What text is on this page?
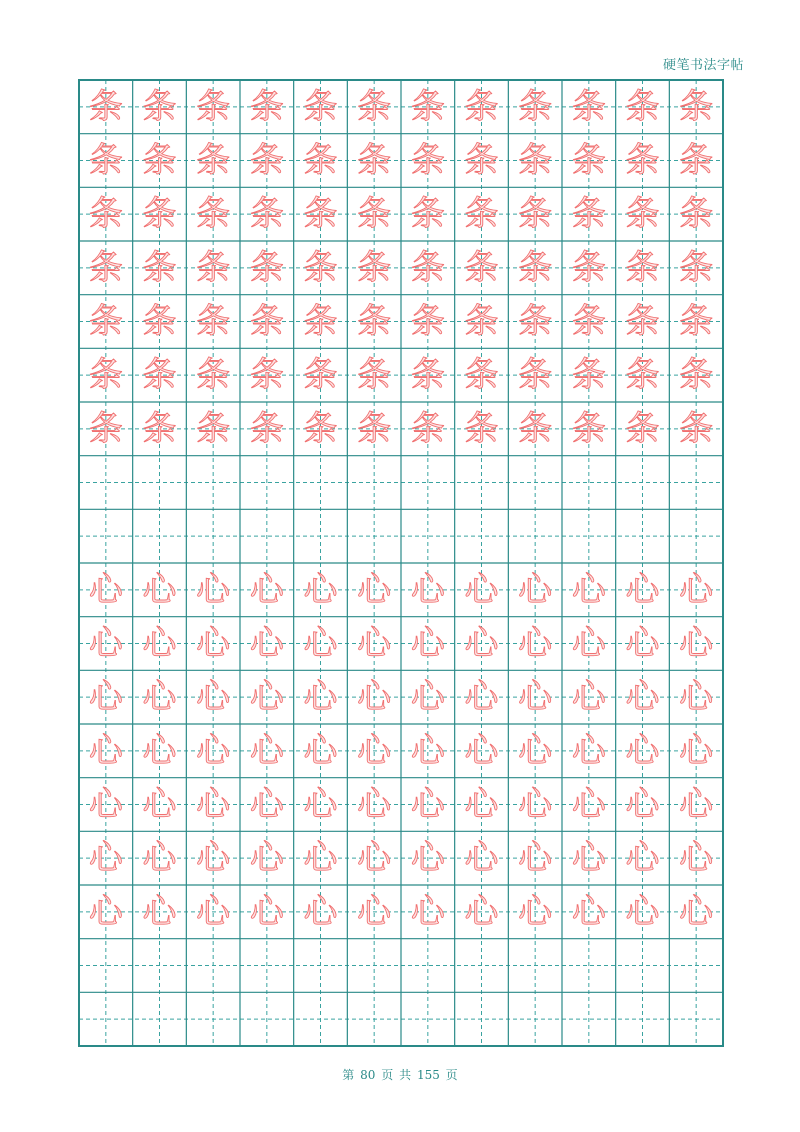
硬笔书法字帖
条 条 条 条 条 条 条 条 条 条 条 条
条 条 条 条 条 条 条 条 条 条 条 条
条 条 条 条 条 条 条 条 条 条 条 条
条 条 条 条 条 条 条 条 条 条 条 条
条 条 条 条 条 条 条 条 条 条 条 条
条 条 条 条 条 条 条 条 条 条 条 条
条 条 条 条 条 条 条 条 条 条 条 条
心 心 心 心 心 心 心 心 心 心 心 心
心 心 心 心 心 心 心 心 心 心 心 心
心 心 心 心 心 心 心 心 心 心 心 心
心 心 心 心 心 心 心 心 心 心 心 心
心 心 心 心 心 心 心 心 心 心 心 心
心 心 心 心 心 心 心 心 心 心 心 心
心 心 心 心 心 心 心 心 心 心 心 心
第 80 页 共 155 页
